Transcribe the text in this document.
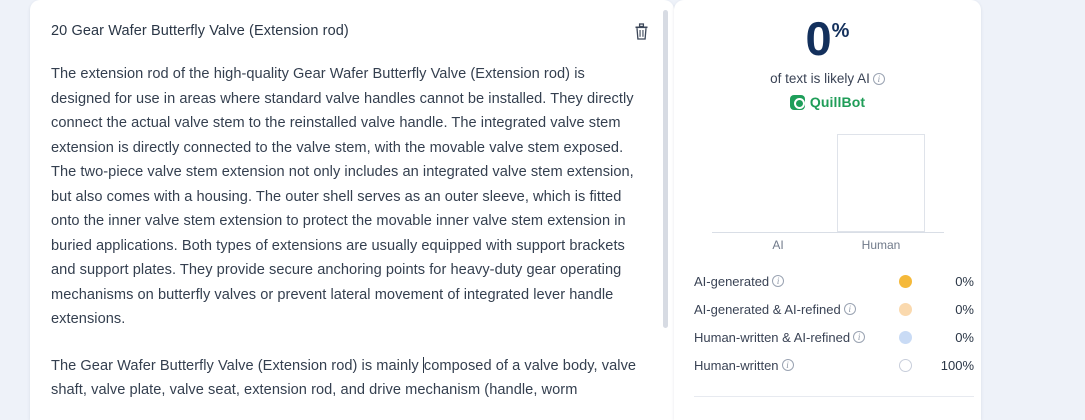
20 Gear Wafer Butterfly Valve (Extension rod)

The extension rod of the high-quality Gear Wafer Butterfly Valve (Extension rod) is designed for use in areas where standard valve handles cannot be installed. They directly connect the actual valve stem to the reinstalled valve handle. The integrated valve stem extension is directly connected to the valve stem, with the movable valve stem exposed. The two-piece valve stem extension not only includes an integrated valve stem extension, but also comes with a housing. The outer shell serves as an outer sleeve, which is fitted onto the inner valve stem extension to protect the movable inner valve stem extension in buried applications. Both types of extensions are usually equipped with support brackets and support plates. They provide secure anchoring points for heavy-duty gear operating mechanisms on butterfly valves or prevent lateral movement of integrated lever handle extensions.

The Gear Wafer Butterfly Valve (Extension rod) is mainly composed of a valve body, valve shaft, valve plate, valve seat, extension rod, and drive mechanism (handle, worm

0%
of text is likely AI i
QuillBot
AI	Human
AI-generated i	0%
AI-generated & AI-refined i	0%
Human-written & AI-refined i	0%
Human-written i	100%
